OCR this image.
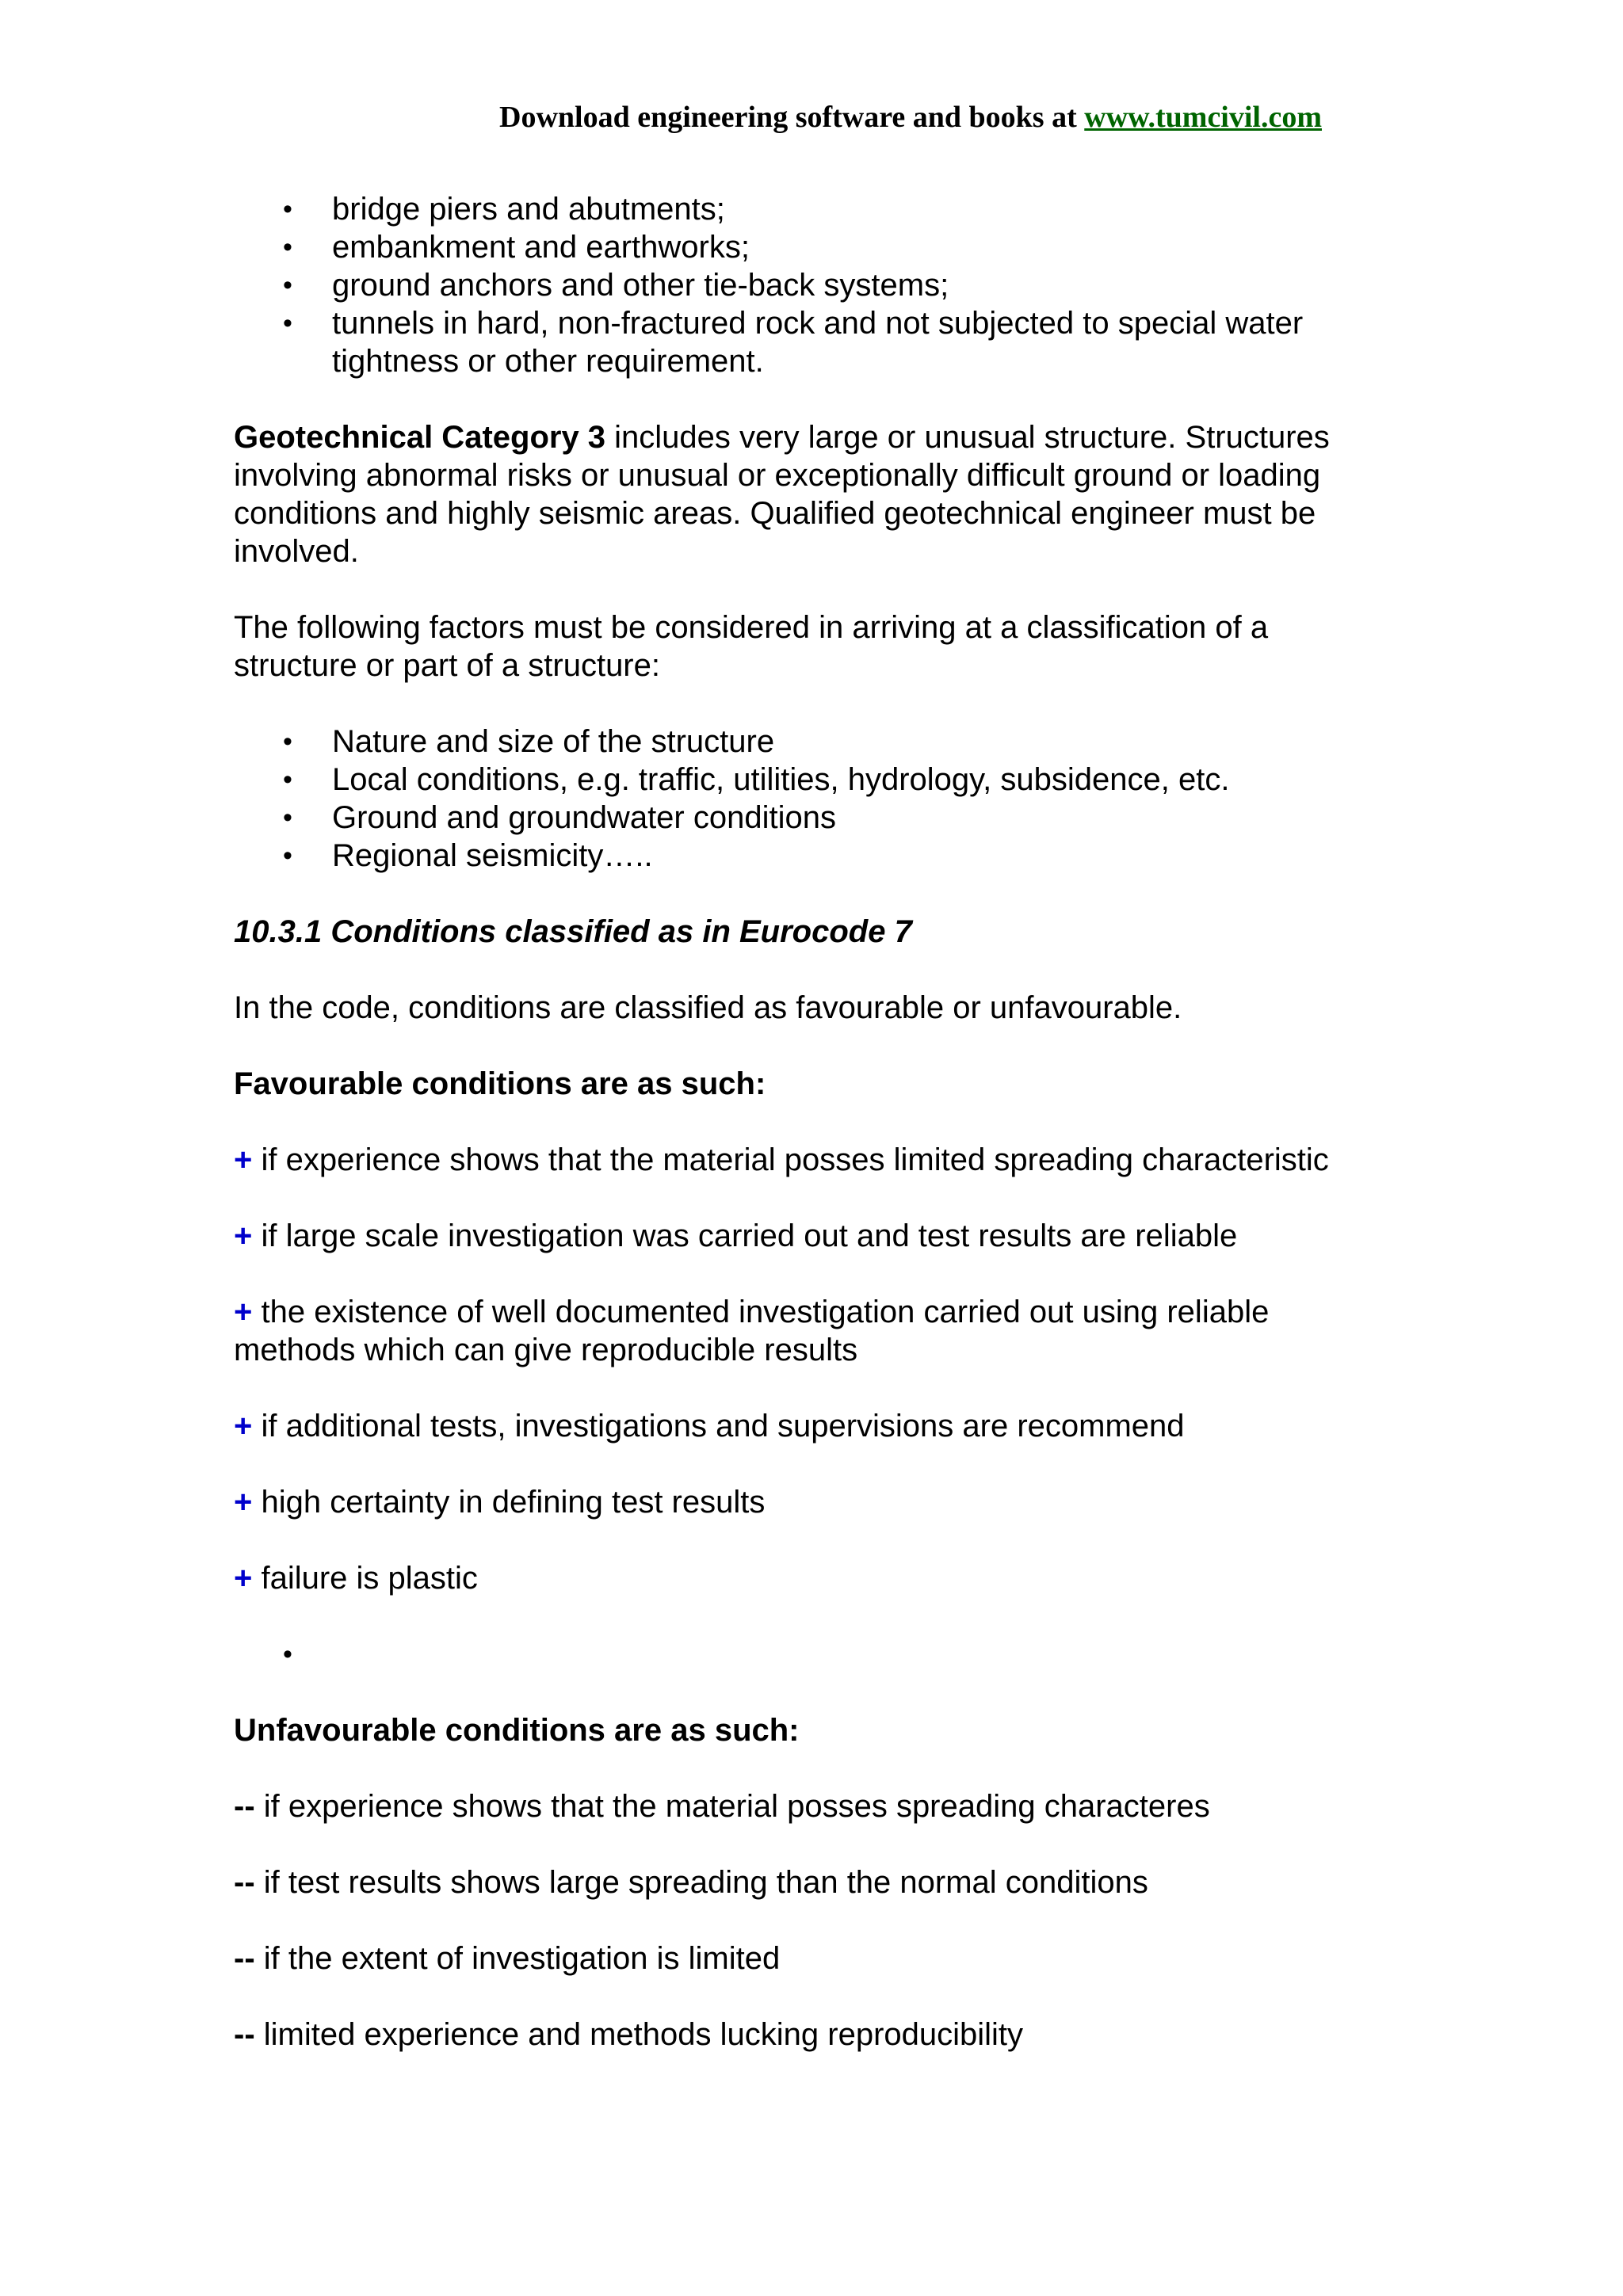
Download engineering software and books at www.tumcivil.com
• bridge piers and abutments;
• embankment and earthworks;
• ground anchors and other tie-back systems;
• tunnels in hard, non-fractured rock and not subjected to special water tightness or other requirement.

Geotechnical Category 3 includes very large or unusual structure. Structures involving abnormal risks or unusual or exceptionally difficult ground or loading conditions and highly seismic areas. Qualified geotechnical engineer must be involved.

The following factors must be considered in arriving at a classification of a structure or part of a structure:

• Nature and size of the structure
• Local conditions, e.g. traffic, utilities, hydrology, subsidence, etc.
• Ground and groundwater conditions
• Regional seismicity…..

10.3.1 Conditions classified as in Eurocode 7

In the code, conditions are classified as favourable or unfavourable.

Favourable conditions are as such:

+ if experience shows that the material posses limited spreading characteristic

+ if large scale investigation was carried out and test results are reliable

+ the existence of well documented investigation carried out using reliable methods which can give reproducible results

+ if additional tests, investigations and supervisions are recommend

+ high certainty in defining test results

+ failure is plastic

•

Unfavourable conditions are as such:

-- if experience shows that the material posses spreading characteres

-- if test results shows large spreading than the normal conditions

-- if the extent of investigation is limited

-- limited experience and methods lucking reproducibility
